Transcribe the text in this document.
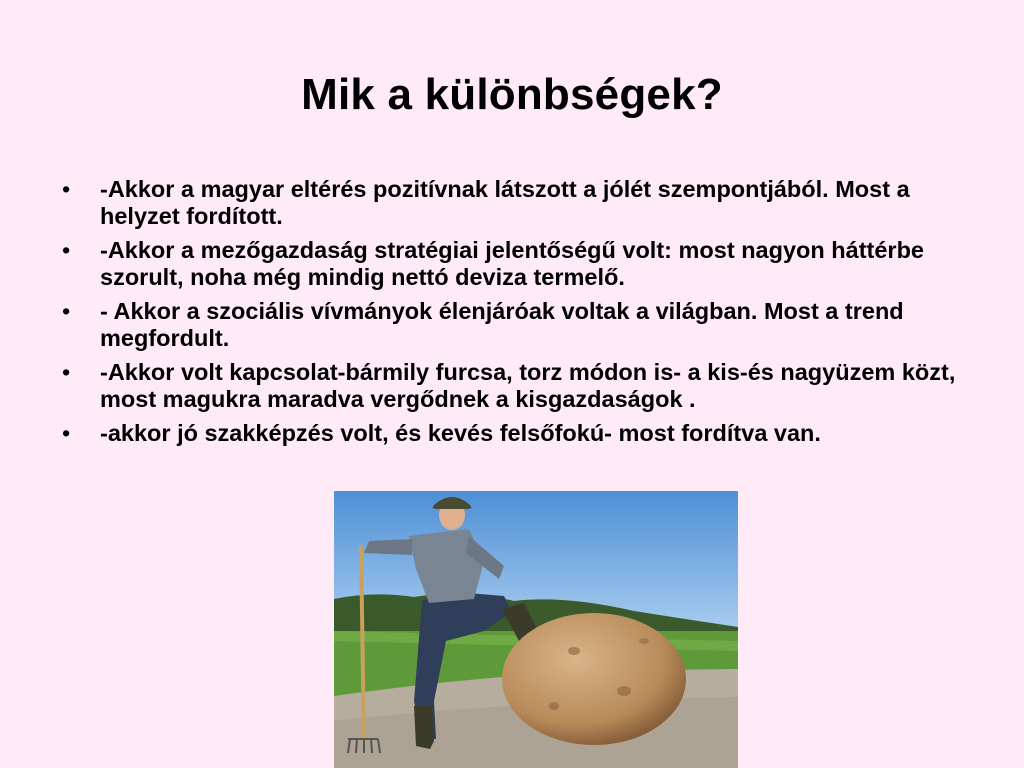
Mik a különbségek?
• -Akkor a magyar eltérés pozitívnak látszott a jólét szempontjából. Most a helyzet fordított.
• -Akkor a mezőgazdaság stratégiai jelentőségű volt: most nagyon háttérbe szorult, noha még mindig nettó deviza termelő.
• - Akkor a szociális vívmányok élenjáróak voltak a világban. Most a trend megfordult.
• -Akkor volt kapcsolat-bármily furcsa, torz módon is- a kis-és nagyüzem közt, most magukra maradva vergődnek a kisgazdaságok .
• -akkor jó szakképzés volt, és kevés felsőfokú- most fordítva van.
